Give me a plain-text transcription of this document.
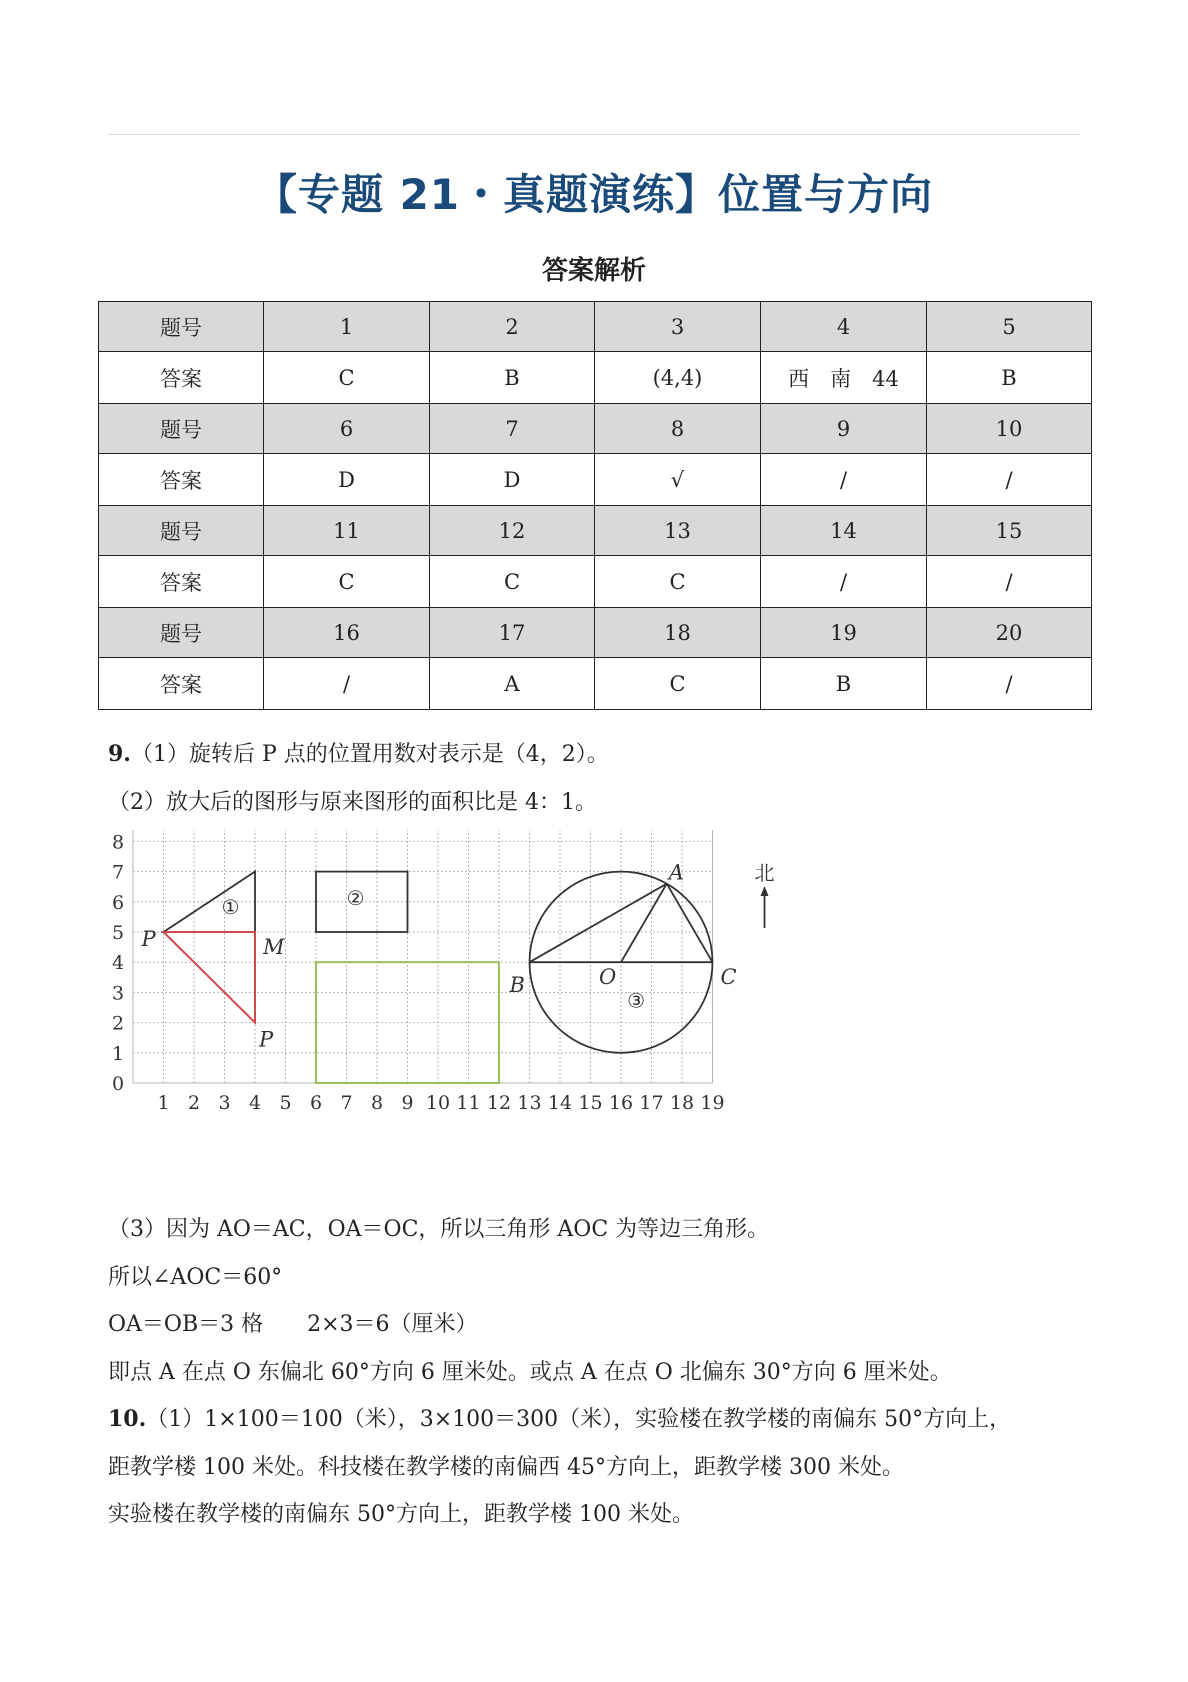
【专题 21・真题演练】位置与方向
答案解析
题号	1	2	3	4	5
答案	C	B	(4,4)	西　南　44	B
题号	6	7	8	9	10
答案	D	D	√	/	/
题号	11	12	13	14	15
答案	C	C	C	/	/
题号	16	17	18	19	20
答案	/	A	C	B	/
9.（1）旋转后 P 点的位置用数对表示是（4，2）。
（2）放大后的图形与原来图形的面积比是 4：1。
1 2 3 4 5 6 7 8 9 10 11 12 13 14 15 16 17 18 19
0
1
2
3
4
5
6
7
8
P	M
P
①	②
③
A
B	O	C
北
（3）因为 AO＝AC，OA＝OC，所以三角形 AOC 为等边三角形。
所以∠AOC＝60°
OA＝OB＝3 格　　2×3＝6（厘米）
即点 A 在点 O 东偏北 60°方向 6 厘米处。或点 A 在点 O 北偏东 30°方向 6 厘米处。
10.（1）1×100＝100（米），3×100＝300（米），实验楼在教学楼的南偏东 50°方向上，
距教学楼 100 米处。科技楼在教学楼的南偏西 45°方向上，距教学楼 300 米处。
实验楼在教学楼的南偏东 50°方向上，距教学楼 100 米处。
